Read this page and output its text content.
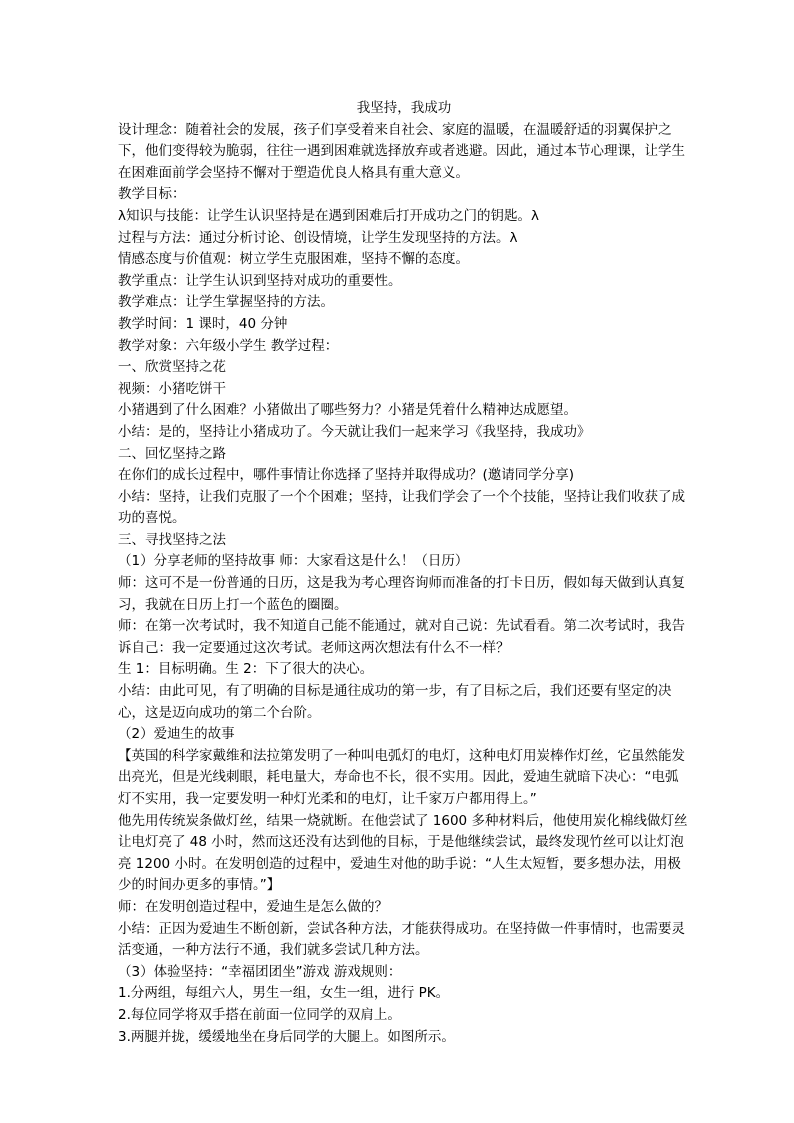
我坚持，我成功

设计理念：随着社会的发展，孩子们享受着来自社会、家庭的温暖，在温暖舒适的羽翼保护之下，他们变得较为脆弱，往往一遇到困难就选择放弃或者逃避。因此，通过本节心理课，让学生在困难面前学会坚持不懈对于塑造优良人格具有重大意义。

教学目标：

λ知识与技能：让学生认识坚持是在遇到困难后打开成功之门的钥匙。λ

过程与方法：通过分析讨论、创设情境，让学生发现坚持的方法。λ

情感态度与价值观：树立学生克服困难，坚持不懈的态度。

教学重点：让学生认识到坚持对成功的重要性。

教学难点：让学生掌握坚持的方法。

教学时间：1 课时，40 分钟

教学对象：六年级小学生 教学过程：

一、欣赏坚持之花

视频：小猪吃饼干

小猪遇到了什么困难？小猪做出了哪些努力？小猪是凭着什么精神达成愿望。

小结：是的，坚持让小猪成功了。今天就让我们一起来学习《我坚持，我成功》

二、回忆坚持之路

在你们的成长过程中，哪件事情让你选择了坚持并取得成功？(邀请同学分享)

小结：坚持，让我们克服了一个个困难；坚持，让我们学会了一个个技能，坚持让我们收获了成功的喜悦。

三、寻找坚持之法

（1）分享老师的坚持故事 师：大家看这是什么！（日历）

师：这可不是一份普通的日历，这是我为考心理咨询师而准备的打卡日历，假如每天做到认真复习，我就在日历上打一个蓝色的圈圈。

师：在第一次考试时，我不知道自己能不能通过，就对自己说：先试看看。第二次考试时，我告诉自己：我一定要通过这次考试。老师这两次想法有什么不一样？

生 1：目标明确。生 2：下了很大的决心。

小结：由此可见，有了明确的目标是通往成功的第一步，有了目标之后，我们还要有坚定的决心，这是迈向成功的第二个台阶。

（2）爱迪生的故事

【英国的科学家戴维和法拉第发明了一种叫电弧灯的电灯，这种电灯用炭棒作灯丝，它虽然能发出亮光，但是光线刺眼，耗电量大，寿命也不长，很不实用。因此，爱迪生就暗下决心：“电弧灯不实用，我一定要发明一种灯光柔和的电灯，让千家万户都用得上。”

他先用传统炭条做灯丝，结果一烧就断。在他尝试了 1600 多种材料后，他使用炭化棉线做灯丝让电灯亮了 48 小时，然而这还没有达到他的目标，于是他继续尝试，最终发现竹丝可以让灯泡亮 1200 小时。在发明创造的过程中，爱迪生对他的助手说：“人生太短暂，要多想办法，用极少的时间办更多的事情。”】

师：在发明创造过程中，爱迪生是怎么做的？

小结：正因为爱迪生不断创新，尝试各种方法，才能获得成功。在坚持做一件事情时，也需要灵活变通，一种方法行不通，我们就多尝试几种方法。

（3）体验坚持：“幸福团团坐”游戏 游戏规则：

1.分两组，每组六人，男生一组，女生一组，进行 PK。

2.每位同学将双手搭在前面一位同学的双肩上。

3.两腿并拢，缓缓地坐在身后同学的大腿上。如图所示。
